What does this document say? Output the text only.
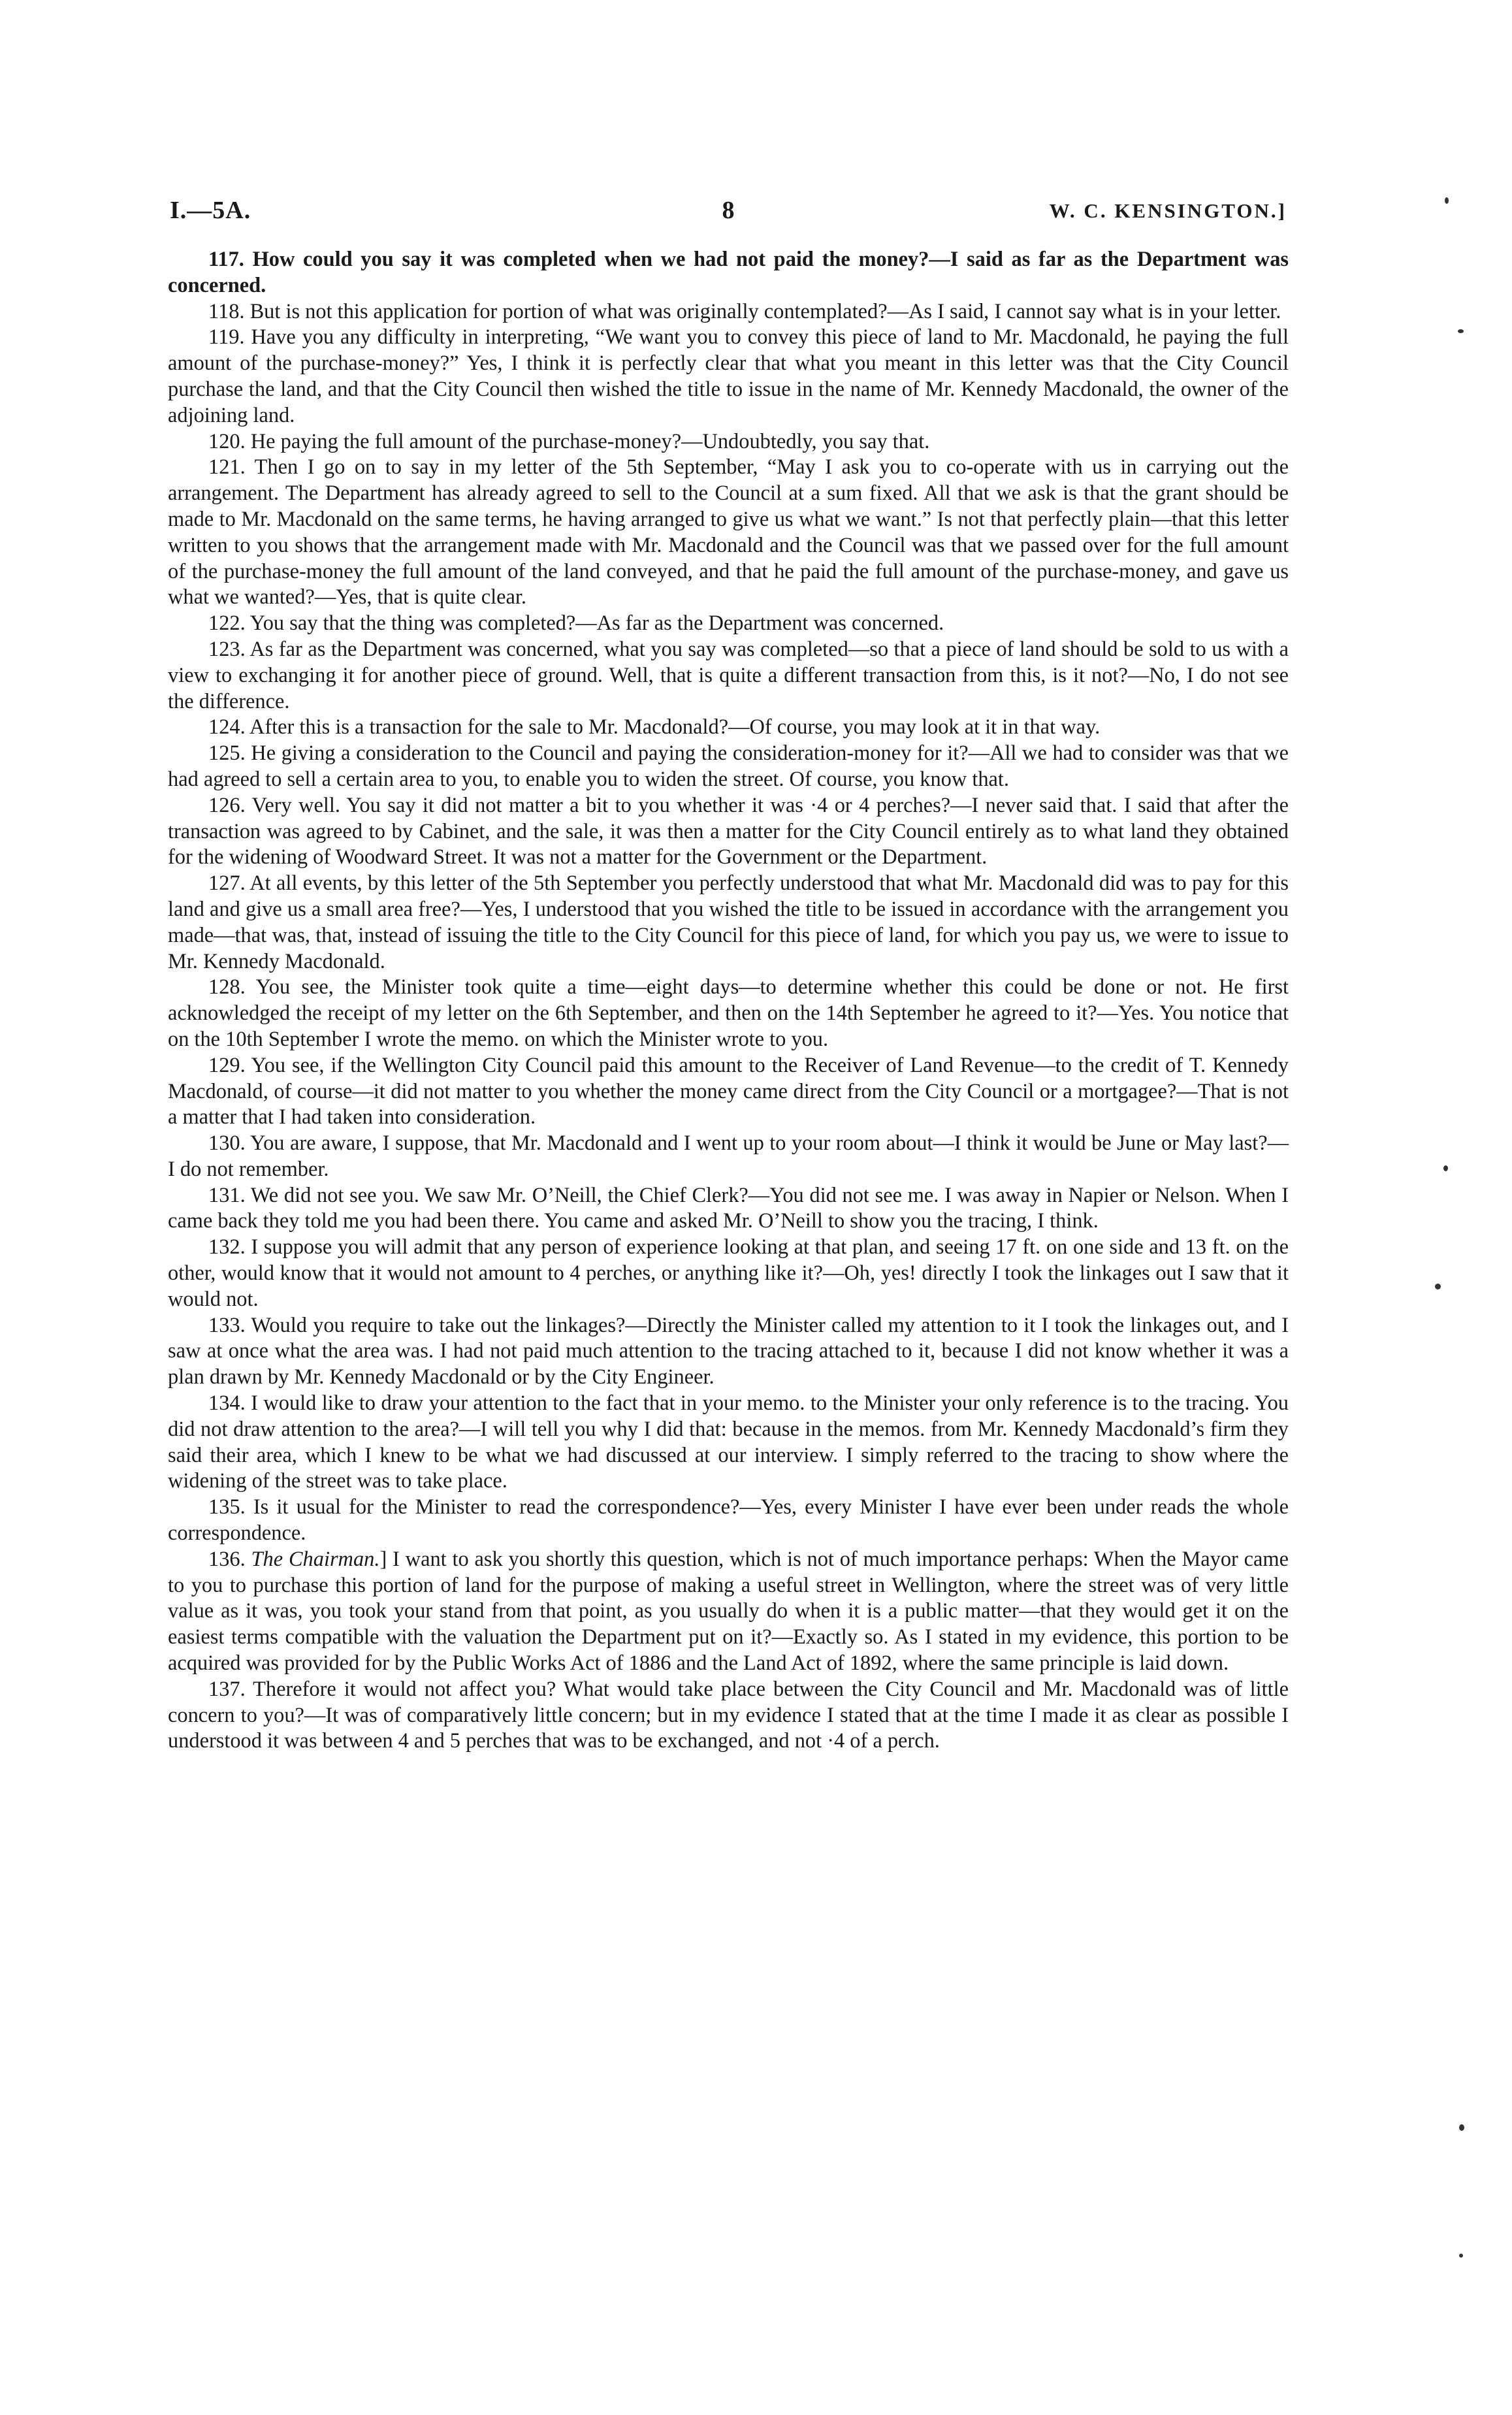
I.—5A.	8	W. C. KENSINGTON.]

117. How could you say it was completed when we had not paid the money?—I said as far as the Department was concerned.

118. But is not this application for portion of what was originally contemplated?—As I said, I cannot say what is in your letter.

119. Have you any difficulty in interpreting, “We want you to convey this piece of land to Mr. Macdonald, he paying the full amount of the purchase-money?” Yes, I think it is perfectly clear that what you meant in this letter was that the City Council purchase the land, and that the City Council then wished the title to issue in the name of Mr. Kennedy Macdonald, the owner of the adjoining land.

120. He paying the full amount of the purchase-money?—Undoubtedly, you say that.

121. Then I go on to say in my letter of the 5th September, “May I ask you to co-operate with us in carrying out the arrangement. The Department has already agreed to sell to the Council at a sum fixed. All that we ask is that the grant should be made to Mr. Macdonald on the same terms, he having arranged to give us what we want.” Is not that perfectly plain—that this letter written to you shows that the arrangement made with Mr. Macdonald and the Council was that we passed over for the full amount of the purchase-money the full amount of the land conveyed, and that he paid the full amount of the purchase-money, and gave us what we wanted?—Yes, that is quite clear.

122. You say that the thing was completed?—As far as the Department was concerned.

123. As far as the Department was concerned, what you say was completed—so that a piece of land should be sold to us with a view to exchanging it for another piece of ground. Well, that is quite a different transaction from this, is it not?—No, I do not see the difference.

124. After this is a transaction for the sale to Mr. Macdonald?—Of course, you may look at it in that way.

125. He giving a consideration to the Council and paying the consideration-money for it?—All we had to consider was that we had agreed to sell a certain area to you, to enable you to widen the street. Of course, you know that.

126. Very well. You say it did not matter a bit to you whether it was ·4 or 4 perches?—I never said that. I said that after the transaction was agreed to by Cabinet, and the sale, it was then a matter for the City Council entirely as to what land they obtained for the widening of Woodward Street. It was not a matter for the Government or the Department.

127. At all events, by this letter of the 5th September you perfectly understood that what Mr. Macdonald did was to pay for this land and give us a small area free?—Yes, I understood that you wished the title to be issued in accordance with the arrangement you made—that was, that, instead of issuing the title to the City Council for this piece of land, for which you pay us, we were to issue to Mr. Kennedy Macdonald.

128. You see, the Minister took quite a time—eight days—to determine whether this could be done or not. He first acknowledged the receipt of my letter on the 6th September, and then on the 14th September he agreed to it?—Yes. You notice that on the 10th September I wrote the memo. on which the Minister wrote to you.

129. You see, if the Wellington City Council paid this amount to the Receiver of Land Revenue—to the credit of T. Kennedy Macdonald, of course—it did not matter to you whether the money came direct from the City Council or a mortgagee?—That is not a matter that I had taken into consideration.

130. You are aware, I suppose, that Mr. Macdonald and I went up to your room about—I think it would be June or May last?—I do not remember.

131. We did not see you. We saw Mr. O’Neill, the Chief Clerk?—You did not see me. I was away in Napier or Nelson. When I came back they told me you had been there. You came and asked Mr. O’Neill to show you the tracing, I think.

132. I suppose you will admit that any person of experience looking at that plan, and seeing 17 ft. on one side and 13 ft. on the other, would know that it would not amount to 4 perches, or anything like it?—Oh, yes! directly I took the linkages out I saw that it would not.

133. Would you require to take out the linkages?—Directly the Minister called my attention to it I took the linkages out, and I saw at once what the area was. I had not paid much attention to the tracing attached to it, because I did not know whether it was a plan drawn by Mr. Kennedy Macdonald or by the City Engineer.

134. I would like to draw your attention to the fact that in your memo. to the Minister your only reference is to the tracing. You did not draw attention to the area?—I will tell you why I did that: because in the memos. from Mr. Kennedy Macdonald’s firm they said their area, which I knew to be what we had discussed at our interview. I simply referred to the tracing to show where the widening of the street was to take place.

135. Is it usual for the Minister to read the correspondence?—Yes, every Minister I have ever been under reads the whole correspondence.

136. The Chairman.] I want to ask you shortly this question, which is not of much importance perhaps: When the Mayor came to you to purchase this portion of land for the purpose of making a useful street in Wellington, where the street was of very little value as it was, you took your stand from that point, as you usually do when it is a public matter—that they would get it on the easiest terms compatible with the valuation the Department put on it?—Exactly so. As I stated in my evidence, this portion to be acquired was provided for by the Public Works Act of 1886 and the Land Act of 1892, where the same principle is laid down.

137. Therefore it would not affect you? What would take place between the City Council and Mr. Macdonald was of little concern to you?—It was of comparatively little concern; but in my evidence I stated that at the time I made it as clear as possible I understood it was between 4 and 5 perches that was to be exchanged, and not ·4 of a perch.
